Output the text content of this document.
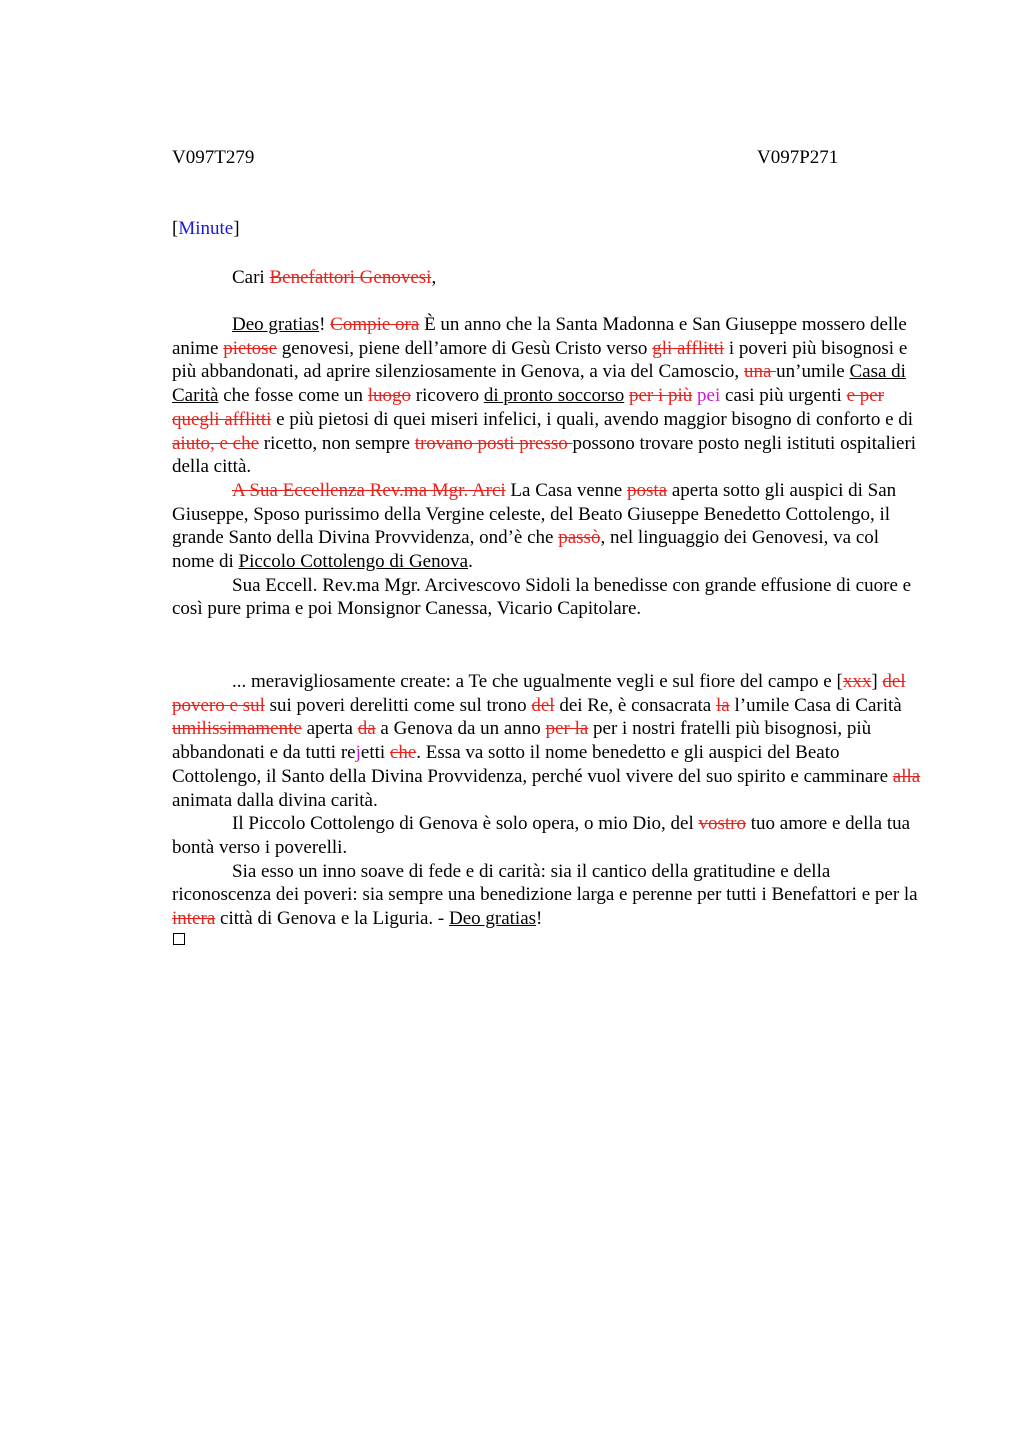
V097T279	V097P271
[Minute]

Cari Benefattori Genovesi,

Deo gratias! Compie ora È un anno che la Santa Madonna e San Giuseppe mossero delle anime pietose genovesi, piene dell’amore di Gesù Cristo verso gli afflitti i poveri più bisognosi e più abbandonati, ad aprire silenziosamente in Genova, a via del Camoscio, una un’umile Casa di Carità che fosse come un luogo ricovero di pronto soccorso per i più pei casi più urgenti e per quegli afflitti e più pietosi di quei miseri infelici, i quali, avendo maggior bisogno di conforto e di aiuto, e che ricetto, non sempre trovano posti presso possono trovare posto negli istituti ospitalieri della città.

A Sua Eccellenza Rev.ma Mgr. Arci La Casa venne posta aperta sotto gli auspici di San Giuseppe, Sposo purissimo della Vergine celeste, del Beato Giuseppe Benedetto Cottolengo, il grande Santo della Divina Provvidenza, ond’è che passò, nel linguaggio dei Genovesi, va col nome di Piccolo Cottolengo di Genova.

Sua Eccell. Rev.ma Mgr. Arcivescovo Sidoli la benedisse con grande effusione di cuore e così pure prima e poi Monsignor Canessa, Vicario Capitolare.

... meravigliosamente create: a Te che ugualmente vegli e sul fiore del campo e [xxx] del povero e sul sui poveri derelitti come sul trono del dei Re, è consacrata la l’umile Casa di Carità umilissimamente aperta da a Genova da un anno per la per i nostri fratelli più bisognosi, più abbandonati e da tutti rejetti che. Essa va sotto il nome benedetto e gli auspici del Beato Cottolengo, il Santo della Divina Provvidenza, perché vuol vivere del suo spirito e camminare alla animata dalla divina carità.

Il Piccolo Cottolengo di Genova è solo opera, o mio Dio, del vostro tuo amore e della tua bontà verso i poverelli.

Sia esso un inno soave di fede e di carità: sia il cantico della gratitudine e della riconoscenza dei poveri: sia sempre una benedizione larga e perenne per tutti i Benefattori e per la intera città di Genova e la Liguria. - Deo gratias!
